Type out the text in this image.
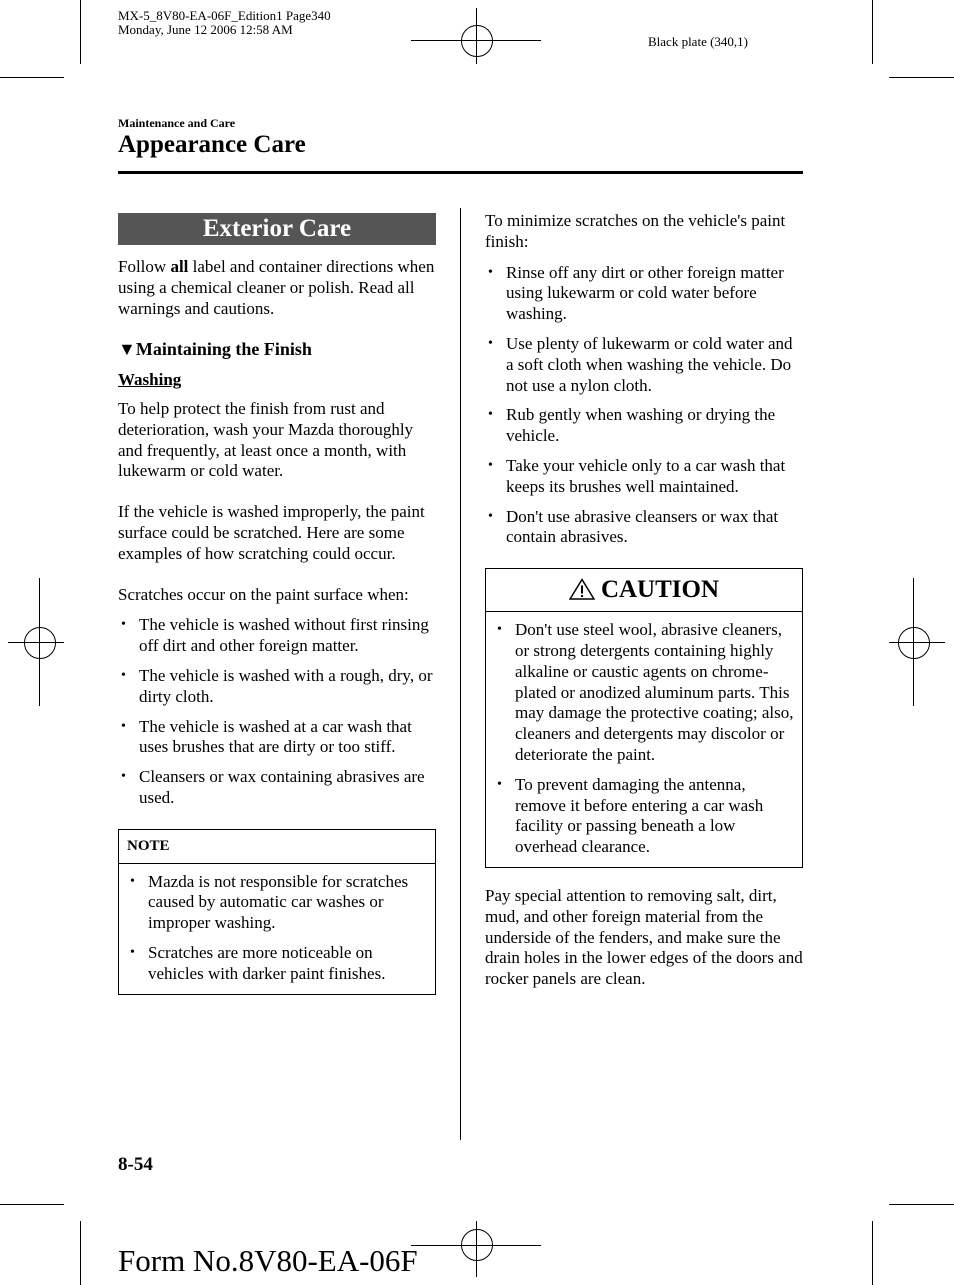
MX-5_8V80-EA-06F_Edition1 Page340
Monday, June 12 2006 12:58 AM
Black plate (340,1)
Maintenance and Care
Appearance Care
Exterior Care

Follow all label and container directions when using a chemical cleaner or polish. Read all warnings and cautions.

▼Maintaining the Finish
Washing

To help protect the finish from rust and deterioration, wash your Mazda thoroughly and frequently, at least once a month, with lukewarm or cold water.

If the vehicle is washed improperly, the paint surface could be scratched. Here are some examples of how scratching could occur.

Scratches occur on the paint surface when:

• The vehicle is washed without first rinsing off dirt and other foreign matter.
• The vehicle is washed with a rough, dry, or dirty cloth.
• The vehicle is washed at a car wash that uses brushes that are dirty or too stiff.
• Cleansers or wax containing abrasives are used.
NOTE
• Mazda is not responsible for scratches caused by automatic car washes or improper washing.
• Scratches are more noticeable on vehicles with darker paint finishes.

To minimize scratches on the vehicle's paint finish:

• Rinse off any dirt or other foreign matter using lukewarm or cold water before washing.
• Use plenty of lukewarm or cold water and a soft cloth when washing the vehicle. Do not use a nylon cloth.
• Rub gently when washing or drying the vehicle.
• Take your vehicle only to a car wash that keeps its brushes well maintained.
• Don't use abrasive cleansers or wax that contain abrasives.
CAUTION
• Don't use steel wool, abrasive cleaners, or strong detergents containing highly alkaline or caustic agents on chrome-plated or anodized aluminum parts. This may damage the protective coating; also, cleaners and detergents may discolor or deteriorate the paint.
• To prevent damaging the antenna, remove it before entering a car wash facility or passing beneath a low overhead clearance.

Pay special attention to removing salt, dirt, mud, and other foreign material from the underside of the fenders, and make sure the drain holes in the lower edges of the doors and rocker panels are clean.

8-54
Form No.8V80-EA-06F
